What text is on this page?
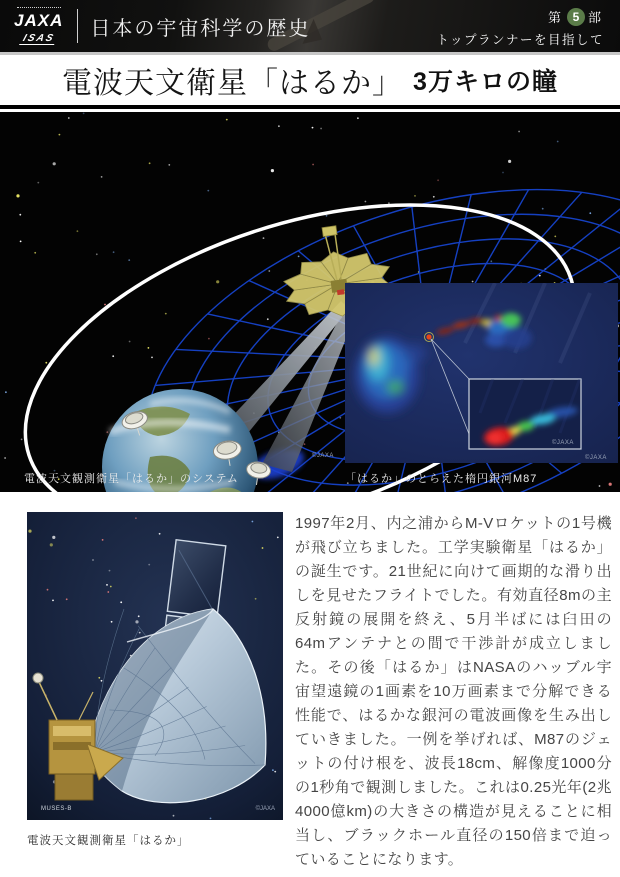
JAXA
ISAS	日本の宇宙科学の歴史	第 5 部
トップランナーを目指して
電波天文衛星「はるか」 3万キロの瞳
©JAXA	©JAXA
©JAXA
電波天文観測衛星「はるか」のシステム	「はるか」のとらえた楕円銀河M87
MUSES-B	©JAXA
電波天文観測衛星「はるか」

1997年2月、内之浦からM-Vロケットの1号機が飛び立ちました。工学実験衛星「はるか」の誕生です。21世紀に向けて画期的な滑り出しを見せたフライトでした。有効直径8mの主反射鏡の展開を終え、5月半ばには臼田の64mアンテナとの間で干渉計が成立しました。その後「はるか」はNASAのハッブル宇宙望遠鏡の1画素を10万画素まで分解できる性能で、はるかな銀河の電波画像を生み出していきました。一例を挙げれば、M87のジェットの付け根を、波長18cm、解像度1000分の1秒角で観測しました。これは0.25光年(2兆4000億km)の大きさの構造が見えることに相当し、ブラックホール直径の150倍まで迫っていることになります。
